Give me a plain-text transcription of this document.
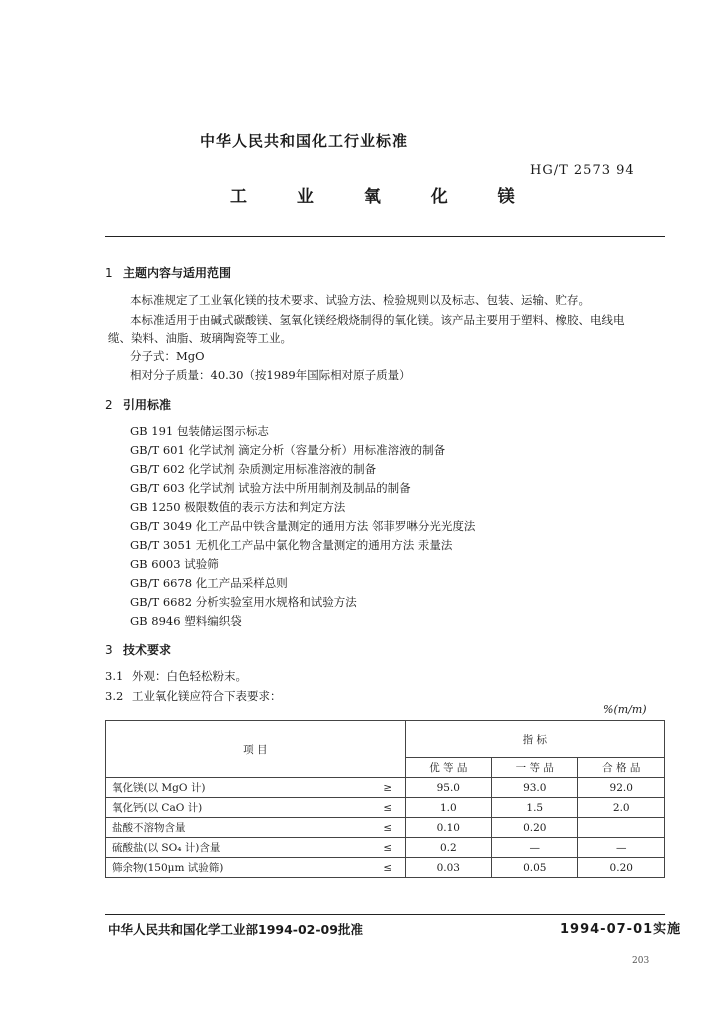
中华人民共和国化工行业标准
HG/T 2573 94
工 业 氧 化 镁
1 主题内容与适用范围
本标准规定了工业氧化镁的技术要求、试验方法、检验规则以及标志、包装、运输、贮存。
本标准适用于由碱式碳酸镁、氢氧化镁经煅烧制得的氧化镁。该产品主要用于塑料、橡胶、电线电
缆、染料、油脂、玻璃陶瓷等工业。
分子式：MgO
相对分子质量：40.30（按1989年国际相对原子质量）
2 引用标准
GB 191 包装储运图示标志
GB/T 601 化学试剂 滴定分析（容量分析）用标准溶液的制备
GB/T 602 化学试剂 杂质测定用标准溶液的制备
GB/T 603 化学试剂 试验方法中所用制剂及制品的制备
GB 1250 极限数值的表示方法和判定方法
GB/T 3049 化工产品中铁含量测定的通用方法 邻菲罗啉分光光度法
GB/T 3051 无机化工产品中氯化物含量测定的通用方法 汞量法
GB 6003 试验筛
GB/T 6678 化工产品采样总则
GB/T 6682 分析实验室用水规格和试验方法
GB 8946 塑料编织袋
3 技术要求
3.1 外观：白色轻松粉末。
3.2 工业氧化镁应符合下表要求：
%(m/m)
项 目		指 标		
		优 等 品	一 等 品	合 格 品
氧化镁(以 MgO 计)	≥	95.0	93.0	92.0
氧化钙(以 CaO 计)	≤	1.0	1.5	2.0
盐酸不溶物含量	≤	0.10	0.20	
硫酸盐(以 SO₄ 计)含量	≤	0.2	—	—
筛余物(150μm 试验筛)	≤	0.03	0.05	0.20
中华人民共和国化学工业部1994-02-09批准	1994-07-01实施
203
